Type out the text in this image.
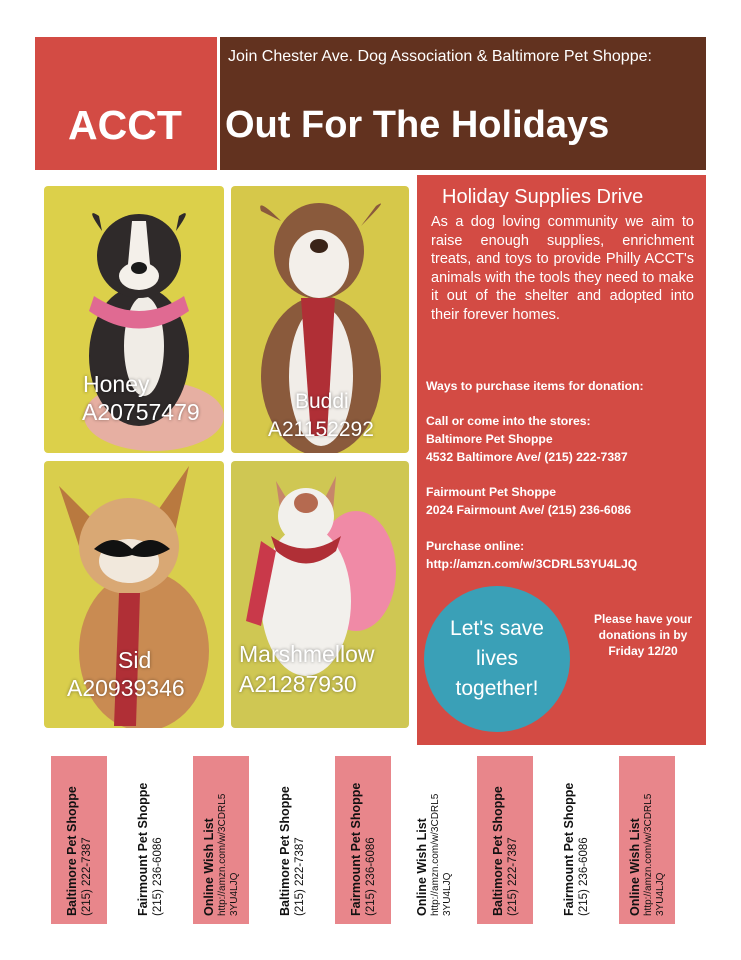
Join Chester Ave. Dog Association & Baltimore Pet Shoppe:
ACCT Out For The Holidays
Honey
A20757479	Buddi
A21152292
Sid
A20939346
Marshmellow
A21287930
Holiday Supplies Drive
As a dog loving community we aim to raise enough supplies, enrichment treats, and toys to provide Philly ACCT's animals with the tools they need to make it out of the shelter and adopted into their forever homes.
Ways to purchase items for donation:
Call or come into the stores:
Baltimore Pet Shoppe
4532 Baltimore Ave/ (215) 222-7387
Fairmount Pet Shoppe
2024 Fairmount Ave/ (215) 236-6086
Purchase online:
http://amzn.com/w/3CDRL53YU4LJQ
Let's save
lives
together!
Please have your
donations in by
Friday 12/20
Baltimore Pet Shoppe (215) 222-7387	Fairmount Pet Shoppe (215) 236-6086	Online Wish List http://amzn.com/w/3CDRL5 3YU4LJQ	Baltimore Pet Shoppe (215) 222-7387	Fairmount Pet Shoppe (215) 236-6086	Online Wish List http://amzn.com/w/3CDRL5 3YU4LJQ	Baltimore Pet Shoppe (215) 222-7387	Fairmount Pet Shoppe (215) 236-6086	Online Wish List http://amzn.com/w/3CDRL5 3YU4LJQ
